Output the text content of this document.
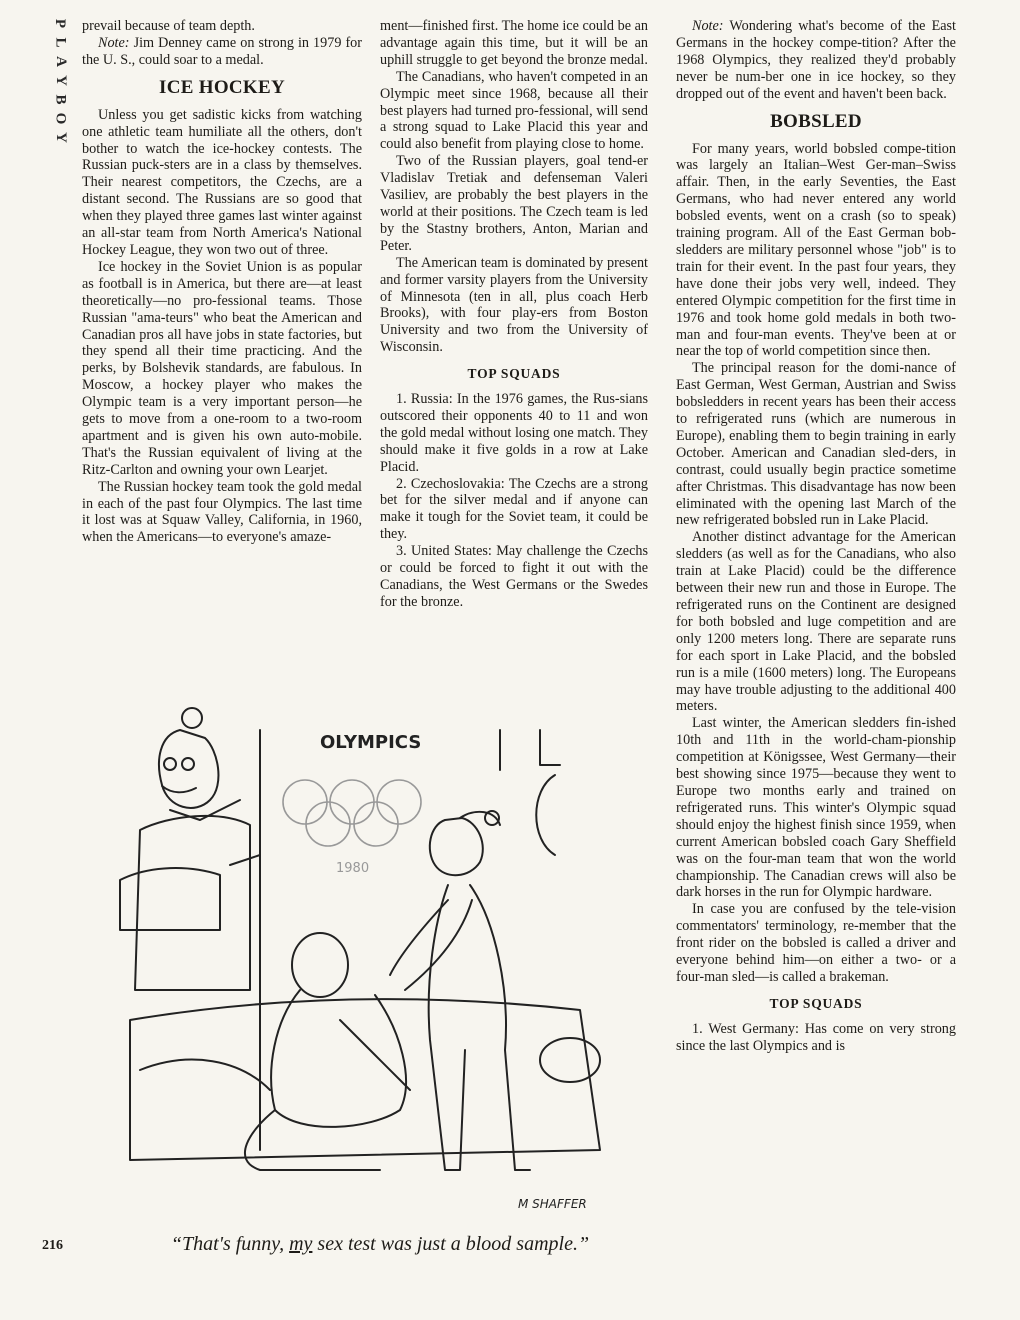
P
L
A
Y
B
O
Y

prevail because of team depth.

Note: Jim Denney came on strong in 1979 for the U. S., could soar to a medal.

ICE HOCKEY

Unless you get sadistic kicks from watching one athletic team humiliate all the others, don't bother to watch the ice-hockey contests. The Russian puck-sters are in a class by themselves. Their nearest competitors, the Czechs, are a distant second. The Russians are so good that when they played three games last winter against an all-star team from North America's National Hockey League, they won two out of three.

Ice hockey in the Soviet Union is as popular as football is in America, but there are—at least theoretically—no pro-fessional teams. Those Russian "ama-teurs" who beat the American and Canadian pros all have jobs in state factories, but they spend all their time practicing. And the perks, by Bolshevik standards, are fabulous. In Moscow, a hockey player who makes the Olympic team is a very important person—he gets to move from a one-room to a two-room apartment and is given his own auto-mobile. That's the Russian equivalent of living at the Ritz-Carlton and owning your own Learjet.

The Russian hockey team took the gold medal in each of the past four Olympics. The last time it lost was at Squaw Valley, California, in 1960, when the Americans—to everyone's amaze-

ment—finished first. The home ice could be an advantage again this time, but it will be an uphill struggle to get beyond the bronze medal.

The Canadians, who haven't competed in an Olympic meet since 1968, because all their best players had turned pro-fessional, will send a strong squad to Lake Placid this year and could also benefit from playing close to home.

Two of the Russian players, goal tend-er Vladislav Tretiak and defenseman Valeri Vasiliev, are probably the best players in the world at their positions. The Czech team is led by the Stastny brothers, Anton, Marian and Peter.

The American team is dominated by present and former varsity players from the University of Minnesota (ten in all, plus coach Herb Brooks), with four play-ers from Boston University and two from the University of Wisconsin.

TOP SQUADS

1. Russia: In the 1976 games, the Rus-sians outscored their opponents 40 to 11 and won the gold medal without losing one match. They should make it five golds in a row at Lake Placid.

2. Czechoslovakia: The Czechs are a strong bet for the silver medal and if anyone can make it tough for the Soviet team, it could be they.

3. United States: May challenge the Czechs or could be forced to fight it out with the Canadians, the West Germans or the Swedes for the bronze.

Note: Wondering what's become of the East Germans in the hockey compe-tition? After the 1968 Olympics, they realized they'd probably never be num-ber one in ice hockey, so they dropped out of the event and haven't been back.

BOBSLED

For many years, world bobsled compe-tition was largely an Italian–West Ger-man–Swiss affair. Then, in the early Seventies, the East Germans, who had never entered any world bobsled events, went on a crash (so to speak) training program. All of the East German bob-sledders are military personnel whose "job" is to train for their event. In the past four years, they have done their jobs very well, indeed. They entered Olympic competition for the first time in 1976 and took home gold medals in both two-man and four-man events. They've been at or near the top of world competition since then.

The principal reason for the domi-nance of East German, West German, Austrian and Swiss bobsledders in recent years has been their access to refrigerated runs (which are numerous in Europe), enabling them to begin training in early October. American and Canadian sled-ders, in contrast, could usually begin practice sometime after Christmas. This disadvantage has now been eliminated with the opening last March of the new refrigerated bobsled run in Lake Placid.

Another distinct advantage for the American sledders (as well as for the Canadians, who also train at Lake Placid) could be the difference between their new run and those in Europe. The refrigerated runs on the Continent are designed for both bobsled and luge competition and are only 1200 meters long. There are separate runs for each sport in Lake Placid, and the bobsled run is a mile (1600 meters) long. The Europeans may have trouble adjusting to the additional 400 meters.

Last winter, the American sledders fin-ished 10th and 11th in the world-cham-pionship competition at Königssee, West Germany—their best showing since 1975—because they went to Europe two months early and trained on refrigerated runs. This winter's Olympic squad should enjoy the highest finish since 1959, when current American bobsled coach Gary Sheffield was on the four-man team that won the world championship. The Canadian crews will also be dark horses in the run for Olympic hardware.

In case you are confused by the tele-vision commentators' terminology, re-member that the front rider on the bobsled is called a driver and everyone behind him—on either a two- or a four-man sled—is called a brakeman.

TOP SQUADS

1. West Germany: Has come on very strong since the last Olympics and is

OLYMPICS
1980
M SHAFFER
“That's funny, my sex test was just a blood sample.”
216
